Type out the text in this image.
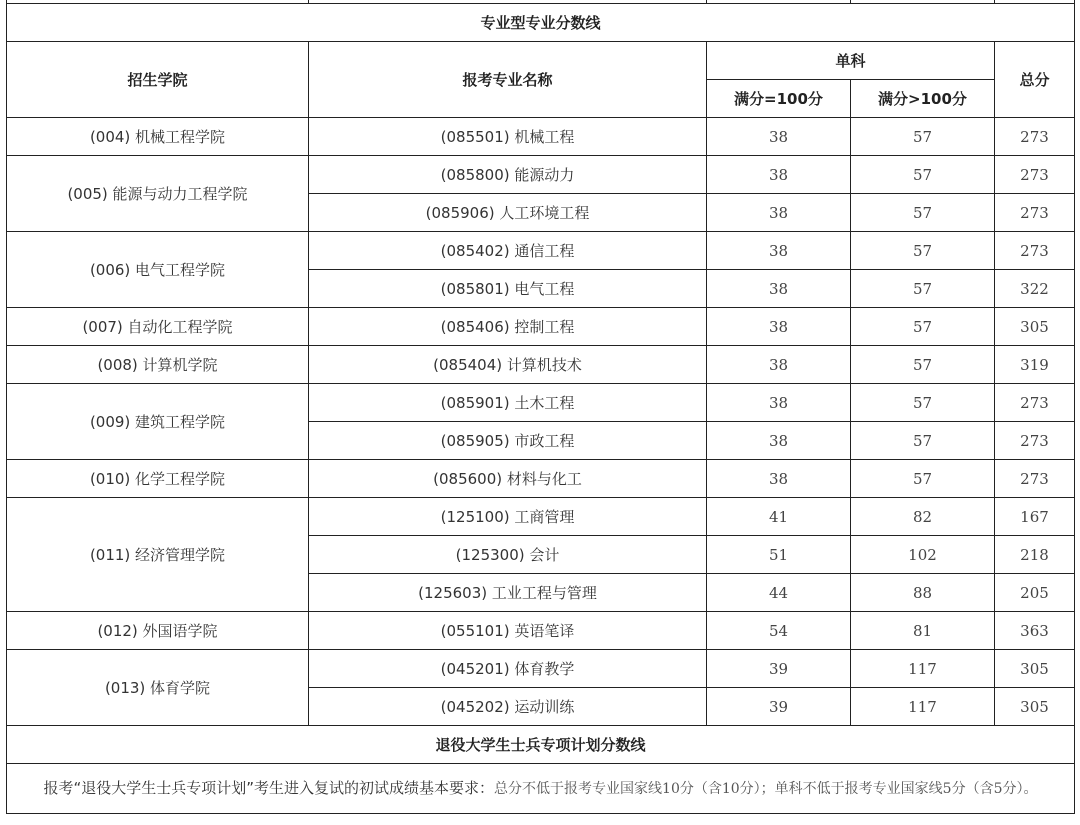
专业型专业分数线				
招生学院	报考专业名称	单科		总分
		满分=100分	满分>100分	
(004) 机械工程学院	(085501) 机械工程	38	57	273
(005) 能源与动力工程学院	(085800) 能源动力	38	57	273
	(085906) 人工环境工程	38	57	273
(006) 电气工程学院	(085402) 通信工程	38	57	273
	(085801) 电气工程	38	57	322
(007) 自动化工程学院	(085406) 控制工程	38	57	305
(008) 计算机学院	(085404) 计算机技术	38	57	319
(009) 建筑工程学院	(085901) 土木工程	38	57	273
	(085905) 市政工程	38	57	273
(010) 化学工程学院	(085600) 材料与化工	38	57	273
(011) 经济管理学院	(125100) 工商管理	41	82	167
	(125300) 会计	51	102	218
	(125603) 工业工程与管理	44	88	205
(012) 外国语学院	(055101) 英语笔译	54	81	363
(013) 体育学院	(045201) 体育教学	39	117	305
	(045202) 运动训练	39	117	305
退役大学生士兵专项计划分数线				
报考“退役大学生士兵专项计划”考生进入复试的初试成绩基本要求：总分不低于报考专业国家线10分（含10分）；单科不低于报考专业国家线5分（含5分）。				
